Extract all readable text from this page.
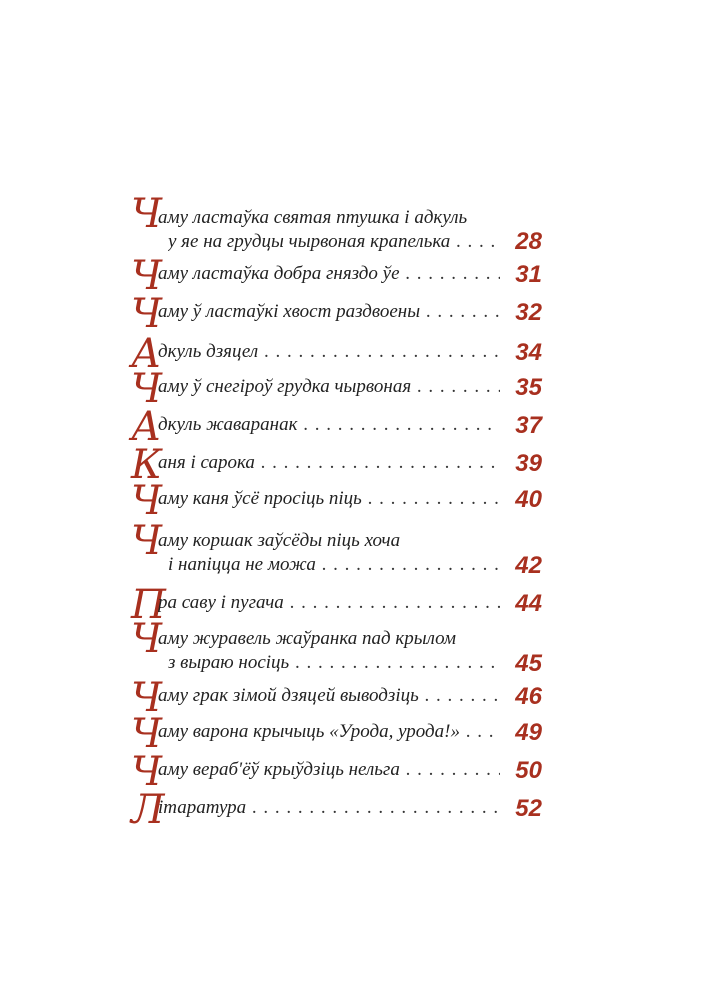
Ч
аму ластаўка святая птушка і адкуль
у яе на грудцы чырвоная крапелька . . .	28
Ч
аму ластаўка добра гняздо ўе . . .	31
Ч
аму ў ластаўкі хвост раздвоены . . .	32
А
дкуль дзяцел . . .	34
Ч
аму ў снегіроў грудка чырвоная . . .	35
А
дкуль жаваранак . . .	37
К
аня і сарока . . .	39
Ч
аму каня ўсё просіць піць . . .	40
Ч
аму коршак заўсёды піць хоча
і напіцца не можа . . .	42
П
ра саву і пугача . . .	44
Ч
аму журавель жаўранка пад крылом
з выраю носіць . . .	45
Ч
аму грак зімой дзяцей выводзіць . . .	46
Ч
аму варона крычыць «Урода, урода!» . . .	49
Ч
аму вераб'ёў крыўдзіць нельга . . .	50
Л
ітаратура . . .	52
